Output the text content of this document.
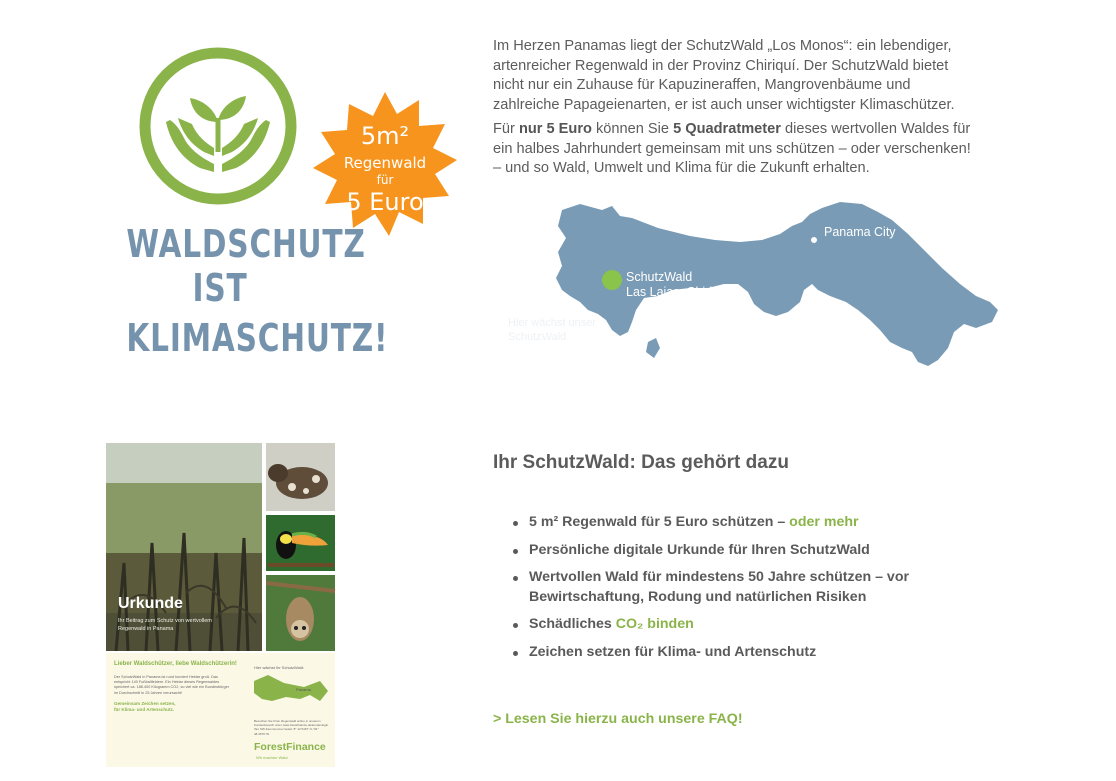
5m²
Regenwald
für
5 Euro
WALDSCHUTZ
IST
KLIMASCHUTZ!

Im Herzen Panamas liegt der SchutzWald „Los Monos“: ein lebendiger, artenreicher Regenwald in der Provinz Chiriquí. Der SchutzWald bietet nicht nur ein Zuhause für Kapuzineraffen, Mangrovenbäume und zahlreiche Papageienarten, er ist auch unser wichtigster Klimaschützer.

Für nur 5 Euro können Sie 5 Quadratmeter dieses wertvollen Waldes für ein halbes Jahrhundert gemeinsam mit uns schützen – oder verschenken! – und so Wald, Umwelt und Klima für die Zukunft erhalten.

Panama City
SchutzWald
Las Lajas, Chiriqui
Hier wächst unser
SchutzWald
Urkunde
Ihr Beitrag zum Schutz von wertvollem
Regenwald in Panama
Lieber Waldschützer, liebe Waldschützerin!
Der SchutzWald in Panama ist rund hundert Hektar groß. Das entspricht 140 Fußballfeldern. Ein Hektar dieses Regenwaldes speichert ca. 188.400 Kilogramm CO2, so viel wie ein Bundesbürger im Durchschnitt in 25 Jahren verursacht!
Gemeinsam Zeichen setzen,
für Klima- und Artenschutz.
Hier wächst Ihr SchutzWald:
Panama
Besuchen Sie Ihren Regenwald online in unserem Kundenbereich unter www.forestfinance.de/kundenlogin. Ihre SW-Kennnummer lautet: 8° 12.5467' N / 81° 48.4579' W
ForestFinance
Wir machen Wald.
Ihr SchutzWald: Das gehört dazu
5 m² Regenwald für 5 Euro schützen – oder mehr
Persönliche digitale Urkunde für Ihren SchutzWald
Wertvollen Wald für mindestens 50 Jahre schützen – vor Bewirtschaftung, Rodung und natürlichen Risiken
Schädliches CO₂ binden
Zeichen setzen für Klima- und Artenschutz
> Lesen Sie hierzu auch unsere FAQ!
